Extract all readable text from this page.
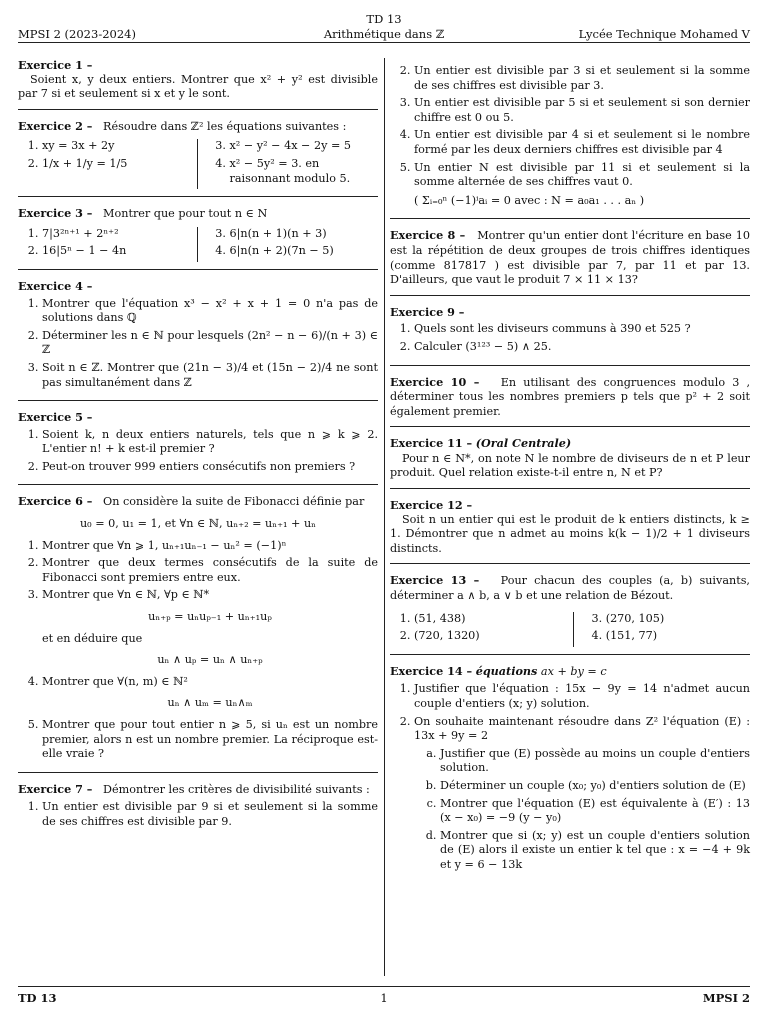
TD 13
Arithmétique dans ℤ
MPSI 2 (2023-2024)	Lycée Technique Mohamed V
Exercice 1 –

Soient x, y deux entiers. Montrer que x² + y² est divisible par 7 si et seulement si x et y le sont.

Exercice 2 – Résoudre dans ℤ² les équations suivantes :
1. xy = 3x + 2y
2. 1/x + 1/y = 1/5
3. x² − y² − 4x − 2y = 5
4. x² − 5y² = 3. en raisonnant modulo 5.
Exercice 3 – Montrer que pour tout n ∈ N
1. 7|3²ⁿ⁺¹ + 2ⁿ⁺²
2. 16|5ⁿ − 1 − 4n
3. 6|n(n + 1)(n + 3)
4. 6|n(n + 2)(7n − 5)
Exercice 4 –
1. Montrer que l'équation x³ − x² + x + 1 = 0 n'a pas de solutions dans ℚ
2. Déterminer les n ∈ ℕ pour lesquels (2n² − n − 6)/(n + 3) ∈ ℤ
3. Soit n ∈ ℤ. Montrer que (21n − 3)/4 et (15n − 2)/4 ne sont pas simultanément dans ℤ
Exercice 5 –
1. Soient k, n deux entiers naturels, tels que n ⩾ k ⩾ 2. L'entier n! + k est-il premier ?
2. Peut-on trouver 999 entiers consécutifs non premiers ?
Exercice 6 – On considère la suite de Fibonacci définie par
u₀ = 0, u₁ = 1, et ∀n ∈ ℕ, uₙ₊₂ = uₙ₊₁ + uₙ
1. Montrer que ∀n ⩾ 1, uₙ₊₁uₙ₋₁ − uₙ² = (−1)ⁿ
2. Montrer que deux termes consécutifs de la suite de Fibonacci sont premiers entre eux.
3. Montrer que ∀n ∈ ℕ, ∀p ∈ ℕ*
uₙ₊ₚ = uₙuₚ₋₁ + uₙ₊₁uₚ
et en déduire que
uₙ ∧ uₚ = uₙ ∧ uₙ₊ₚ
4. Montrer que ∀(n, m) ∈ ℕ²
uₙ ∧ uₘ = uₙ∧ₘ
5. Montrer que pour tout entier n ⩾ 5, si uₙ est un nombre premier, alors n est un nombre premier. La réciproque est-elle vraie ?
Exercice 7 – Démontrer les critères de divisibilité suivants :
1. Un entier est divisible par 9 si et seulement si la somme de ses chiffres est divisible par 9.
2. Un entier est divisible par 3 si et seulement si la somme de ses chiffres est divisible par 3.
3. Un entier est divisible par 5 si et seulement si son dernier chiffre est 0 ou 5.
4. Un entier est divisible par 4 si et seulement si le nombre formé par les deux derniers chiffres est divisible par 4
5. Un entier N est divisible par 11 si et seulement si la somme alternée de ses chiffres vaut 0.
( Σᵢ₌₀ⁿ (−1)ⁱaᵢ = 0 avec : N = a₀a₁ . . . aₙ )

Exercice 8 – Montrer qu'un entier dont l'écriture en base 10 est la répétition de deux groupes de trois chiffres identiques (comme 817817 ) est divisible par 7, par 11 et par 13. D'ailleurs, que vaut le produit 7 × 11 × 13?

Exercice 9 –
1. Quels sont les diviseurs communs à 390 et 525 ?
2. Calculer (3¹²³ − 5) ∧ 25.

Exercice 10 – En utilisant des congruences modulo 3 , déterminer tous les nombres premiers p tels que p² + 2 soit également premier.

Exercice 11 – (Oral Centrale)

Pour n ∈ N*, on note N le nombre de diviseurs de n et P leur produit. Quel relation existe-t-il entre n, N et P?

Exercice 12 –

Soit n un entier qui est le produit de k entiers distincts, k ≥ 1. Démontrer que n admet au moins k(k − 1)/2 + 1 diviseurs distincts.

Exercice 13 – Pour chacun des couples (a, b) suivants, déterminer a ∧ b, a ∨ b et une relation de Bézout.

1. (51, 438)
2. (720, 1320)
3. (270, 105)
4. (151, 77)
Exercice 14 – équations ax + by = c
1. Justifier que l'équation : 15x − 9y = 14 n'admet aucun couple d'entiers (x; y) solution.
2. On souhaite maintenant résoudre dans Z² l'équation (E) : 13x + 9y = 2
a. Justifier que (E) possède au moins un couple d'entiers solution.
b. Déterminer un couple (x₀; y₀) d'entiers solution de (E)
c. Montrer que l'équation (E) est équivalente à (E′) : 13 (x − x₀) = −9 (y − y₀)
d. Montrer que si (x; y) est un couple d'entiers solution de (E) alors il existe un entier k tel que : x = −4 + 9k et y = 6 − 13k
TD 13	1	MPSI 2
